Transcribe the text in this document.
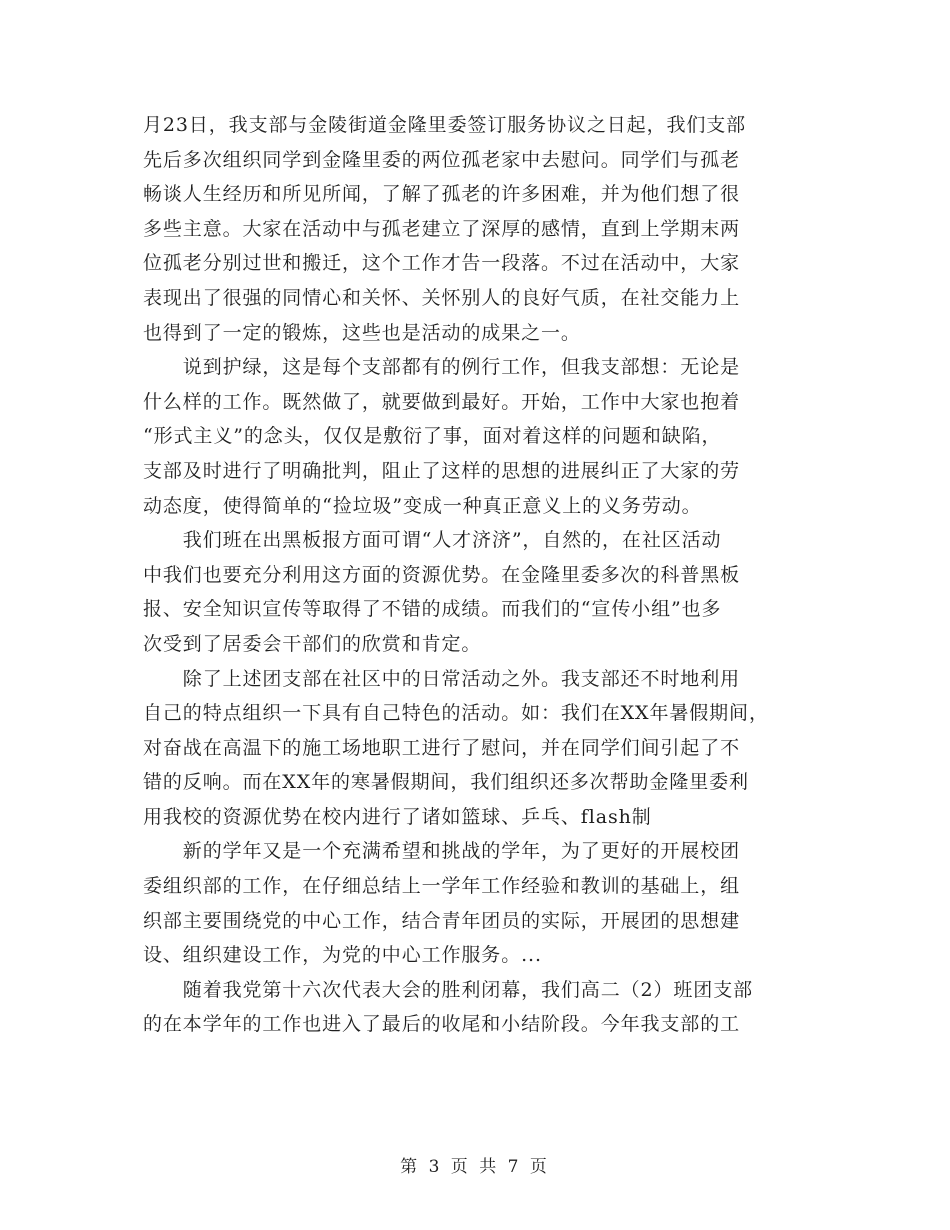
月23日，我支部与金陵街道金隆里委签订服务协议之日起，我们支部
先后多次组织同学到金隆里委的两位孤老家中去慰问。同学们与孤老
畅谈人生经历和所见所闻，了解了孤老的许多困难，并为他们想了很
多些主意。大家在活动中与孤老建立了深厚的感情，直到上学期末两
位孤老分别过世和搬迁，这个工作才告一段落。不过在活动中，大家
表现出了很强的同情心和关怀、关怀别人的良好气质，在社交能力上
也得到了一定的锻炼，这些也是活动的成果之一。
　　说到护绿，这是每个支部都有的例行工作，但我支部想：无论是
什么样的工作。既然做了，就要做到最好。开始，工作中大家也抱着
“形式主义”的念头，仅仅是敷衍了事，面对着这样的问题和缺陷，
支部及时进行了明确批判，阻止了这样的思想的进展纠正了大家的劳
动态度，使得简单的“捡垃圾”变成一种真正意义上的义务劳动。
　　我们班在出黑板报方面可谓“人才济济”，自然的，在社区活动
中我们也要充分利用这方面的资源优势。在金隆里委多次的科普黑板
报、安全知识宣传等取得了不错的成绩。而我们的“宣传小组”也多
次受到了居委会干部们的欣赏和肯定。
　　除了上述团支部在社区中的日常活动之外。我支部还不时地利用
自己的特点组织一下具有自己特色的活动。如：我们在XX年暑假期间，
对奋战在高温下的施工场地职工进行了慰问，并在同学们间引起了不
错的反响。而在XX年的寒暑假期间，我们组织还多次帮助金隆里委利
用我校的资源优势在校内进行了诸如篮球、乒乓、flash制
　　新的学年又是一个充满希望和挑战的学年，为了更好的开展校团
委组织部的工作，在仔细总结上一学年工作经验和教训的基础上，组
织部主要围绕党的中心工作，结合青年团员的实际，开展团的思想建
设、组织建设工作，为党的中心工作服务。...
　　随着我党第十六次代表大会的胜利闭幕，我们高二（2）班团支部
的在本学年的工作也进入了最后的收尾和小结阶段。今年我支部的工
第 3 页 共 7 页
